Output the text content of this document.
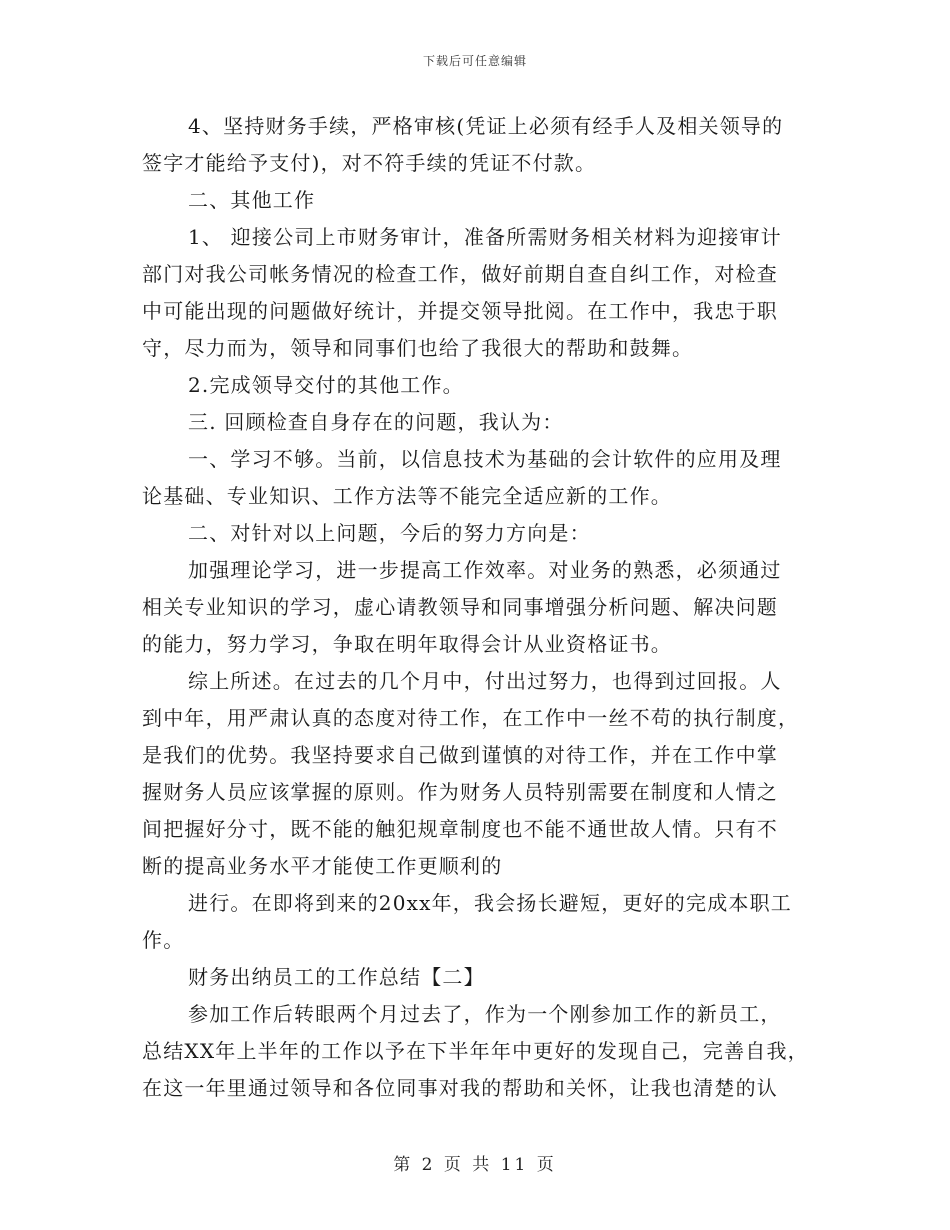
下载后可任意编辑
4、坚持财务手续，严格审核(凭证上必须有经手人及相关领导的
签字才能给予支付)，对不符手续的凭证不付款。
二、其他工作
1、 迎接公司上市财务审计，准备所需财务相关材料为迎接审计
部门对我公司帐务情况的检查工作，做好前期自查自纠工作，对检查
中可能出现的问题做好统计，并提交领导批阅。在工作中，我忠于职
守，尽力而为，领导和同事们也给了我很大的帮助和鼓舞。
2.完成领导交付的其他工作。
三. 回顾检查自身存在的问题，我认为：
一、学习不够。当前，以信息技术为基础的会计软件的应用及理
论基础、专业知识、工作方法等不能完全适应新的工作。
二、对针对以上问题，今后的努力方向是：
加强理论学习，进一步提高工作效率。对业务的熟悉，必须通过
相关专业知识的学习，虚心请教领导和同事增强分析问题、解决问题
的能力，努力学习，争取在明年取得会计从业资格证书。
综上所述。在过去的几个月中，付出过努力，也得到过回报。人
到中年，用严肃认真的态度对待工作，在工作中一丝不苟的执行制度，
是我们的优势。我坚持要求自己做到谨慎的对待工作，并在工作中掌
握财务人员应该掌握的原则。作为财务人员特别需要在制度和人情之
间把握好分寸，既不能的触犯规章制度也不能不通世故人情。只有不
断的提高业务水平才能使工作更顺利的
进行。在即将到来的20xx年，我会扬长避短，更好的完成本职工
作。
财务出纳员工的工作总结【二】
参加工作后转眼两个月过去了，作为一个刚参加工作的新员工，
总结XX年上半年的工作以予在下半年年中更好的发现自己，完善自我，
在这一年里通过领导和各位同事对我的帮助和关怀，让我也清楚的认
第 2 页 共 11 页
